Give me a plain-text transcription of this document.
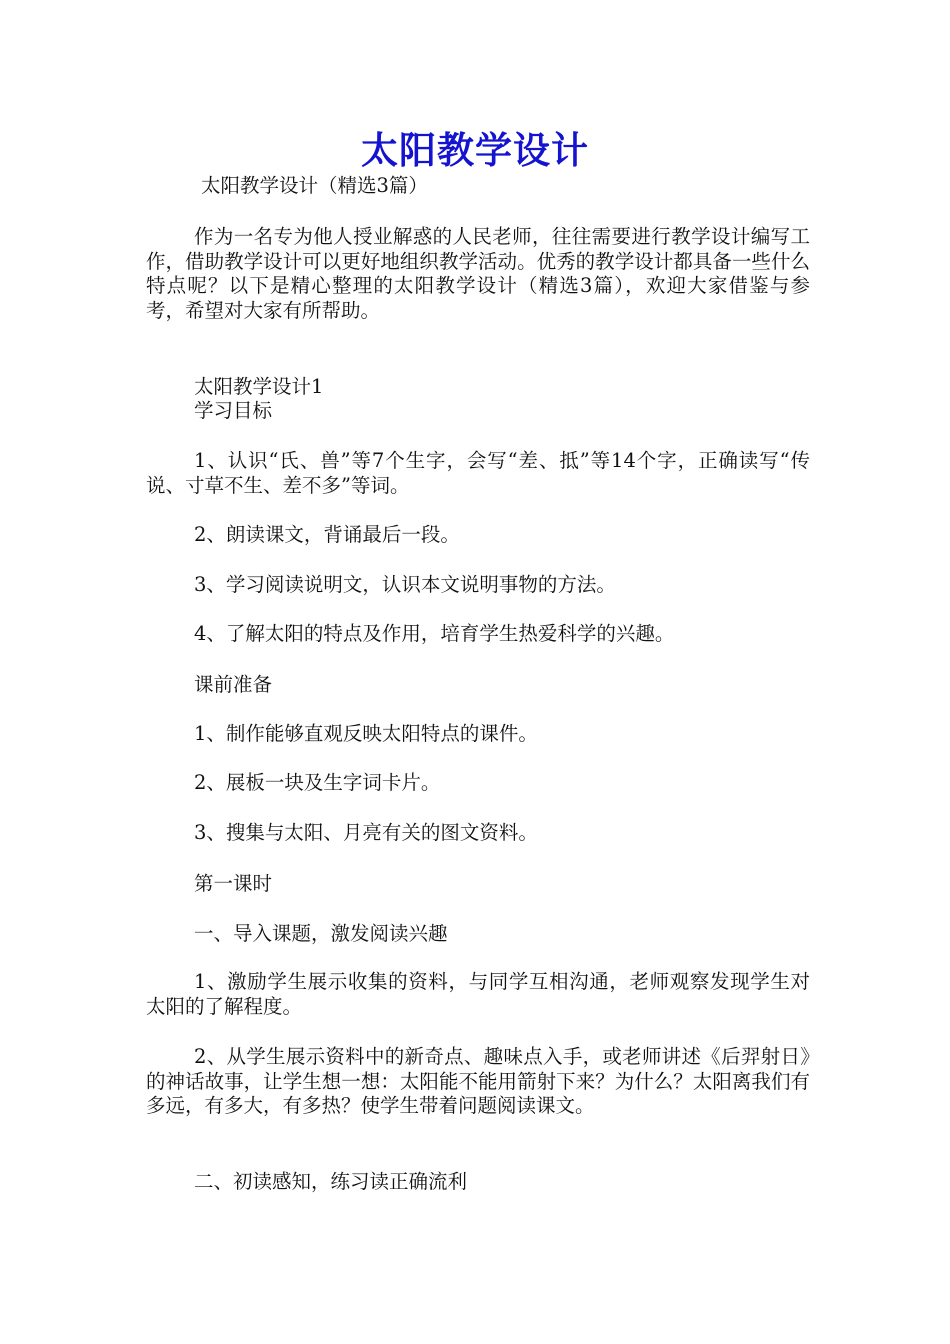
太阳教学设计
太阳教学设计（精选3篇）

作为一名专为他人授业解惑的人民老师，往往需要进行教学设计编写工作，借助教学设计可以更好地组织教学活动。优秀的教学设计都具备一些什么特点呢？以下是精心整理的太阳教学设计（精选3篇），欢迎大家借鉴与参考，希望对大家有所帮助。

太阳教学设计1

学习目标

1、认识“氏、兽”等7个生字，会写“差、抵”等14个字，正确读写“传说、寸草不生、差不多”等词。

2、朗读课文，背诵最后一段。

3、学习阅读说明文，认识本文说明事物的方法。

4、了解太阳的特点及作用，培育学生热爱科学的兴趣。

课前准备

1、制作能够直观反映太阳特点的课件。

2、展板一块及生字词卡片。

3、搜集与太阳、月亮有关的图文资料。

第一课时

一、导入课题，激发阅读兴趣

1、激励学生展示收集的资料，与同学互相沟通，老师观察发现学生对太阳的了解程度。

2、从学生展示资料中的新奇点、趣味点入手，或老师讲述《后羿射日》的神话故事，让学生想一想：太阳能不能用箭射下来？为什么？太阳离我们有多远，有多大，有多热？使学生带着问题阅读课文。

二、初读感知，练习读正确流利
